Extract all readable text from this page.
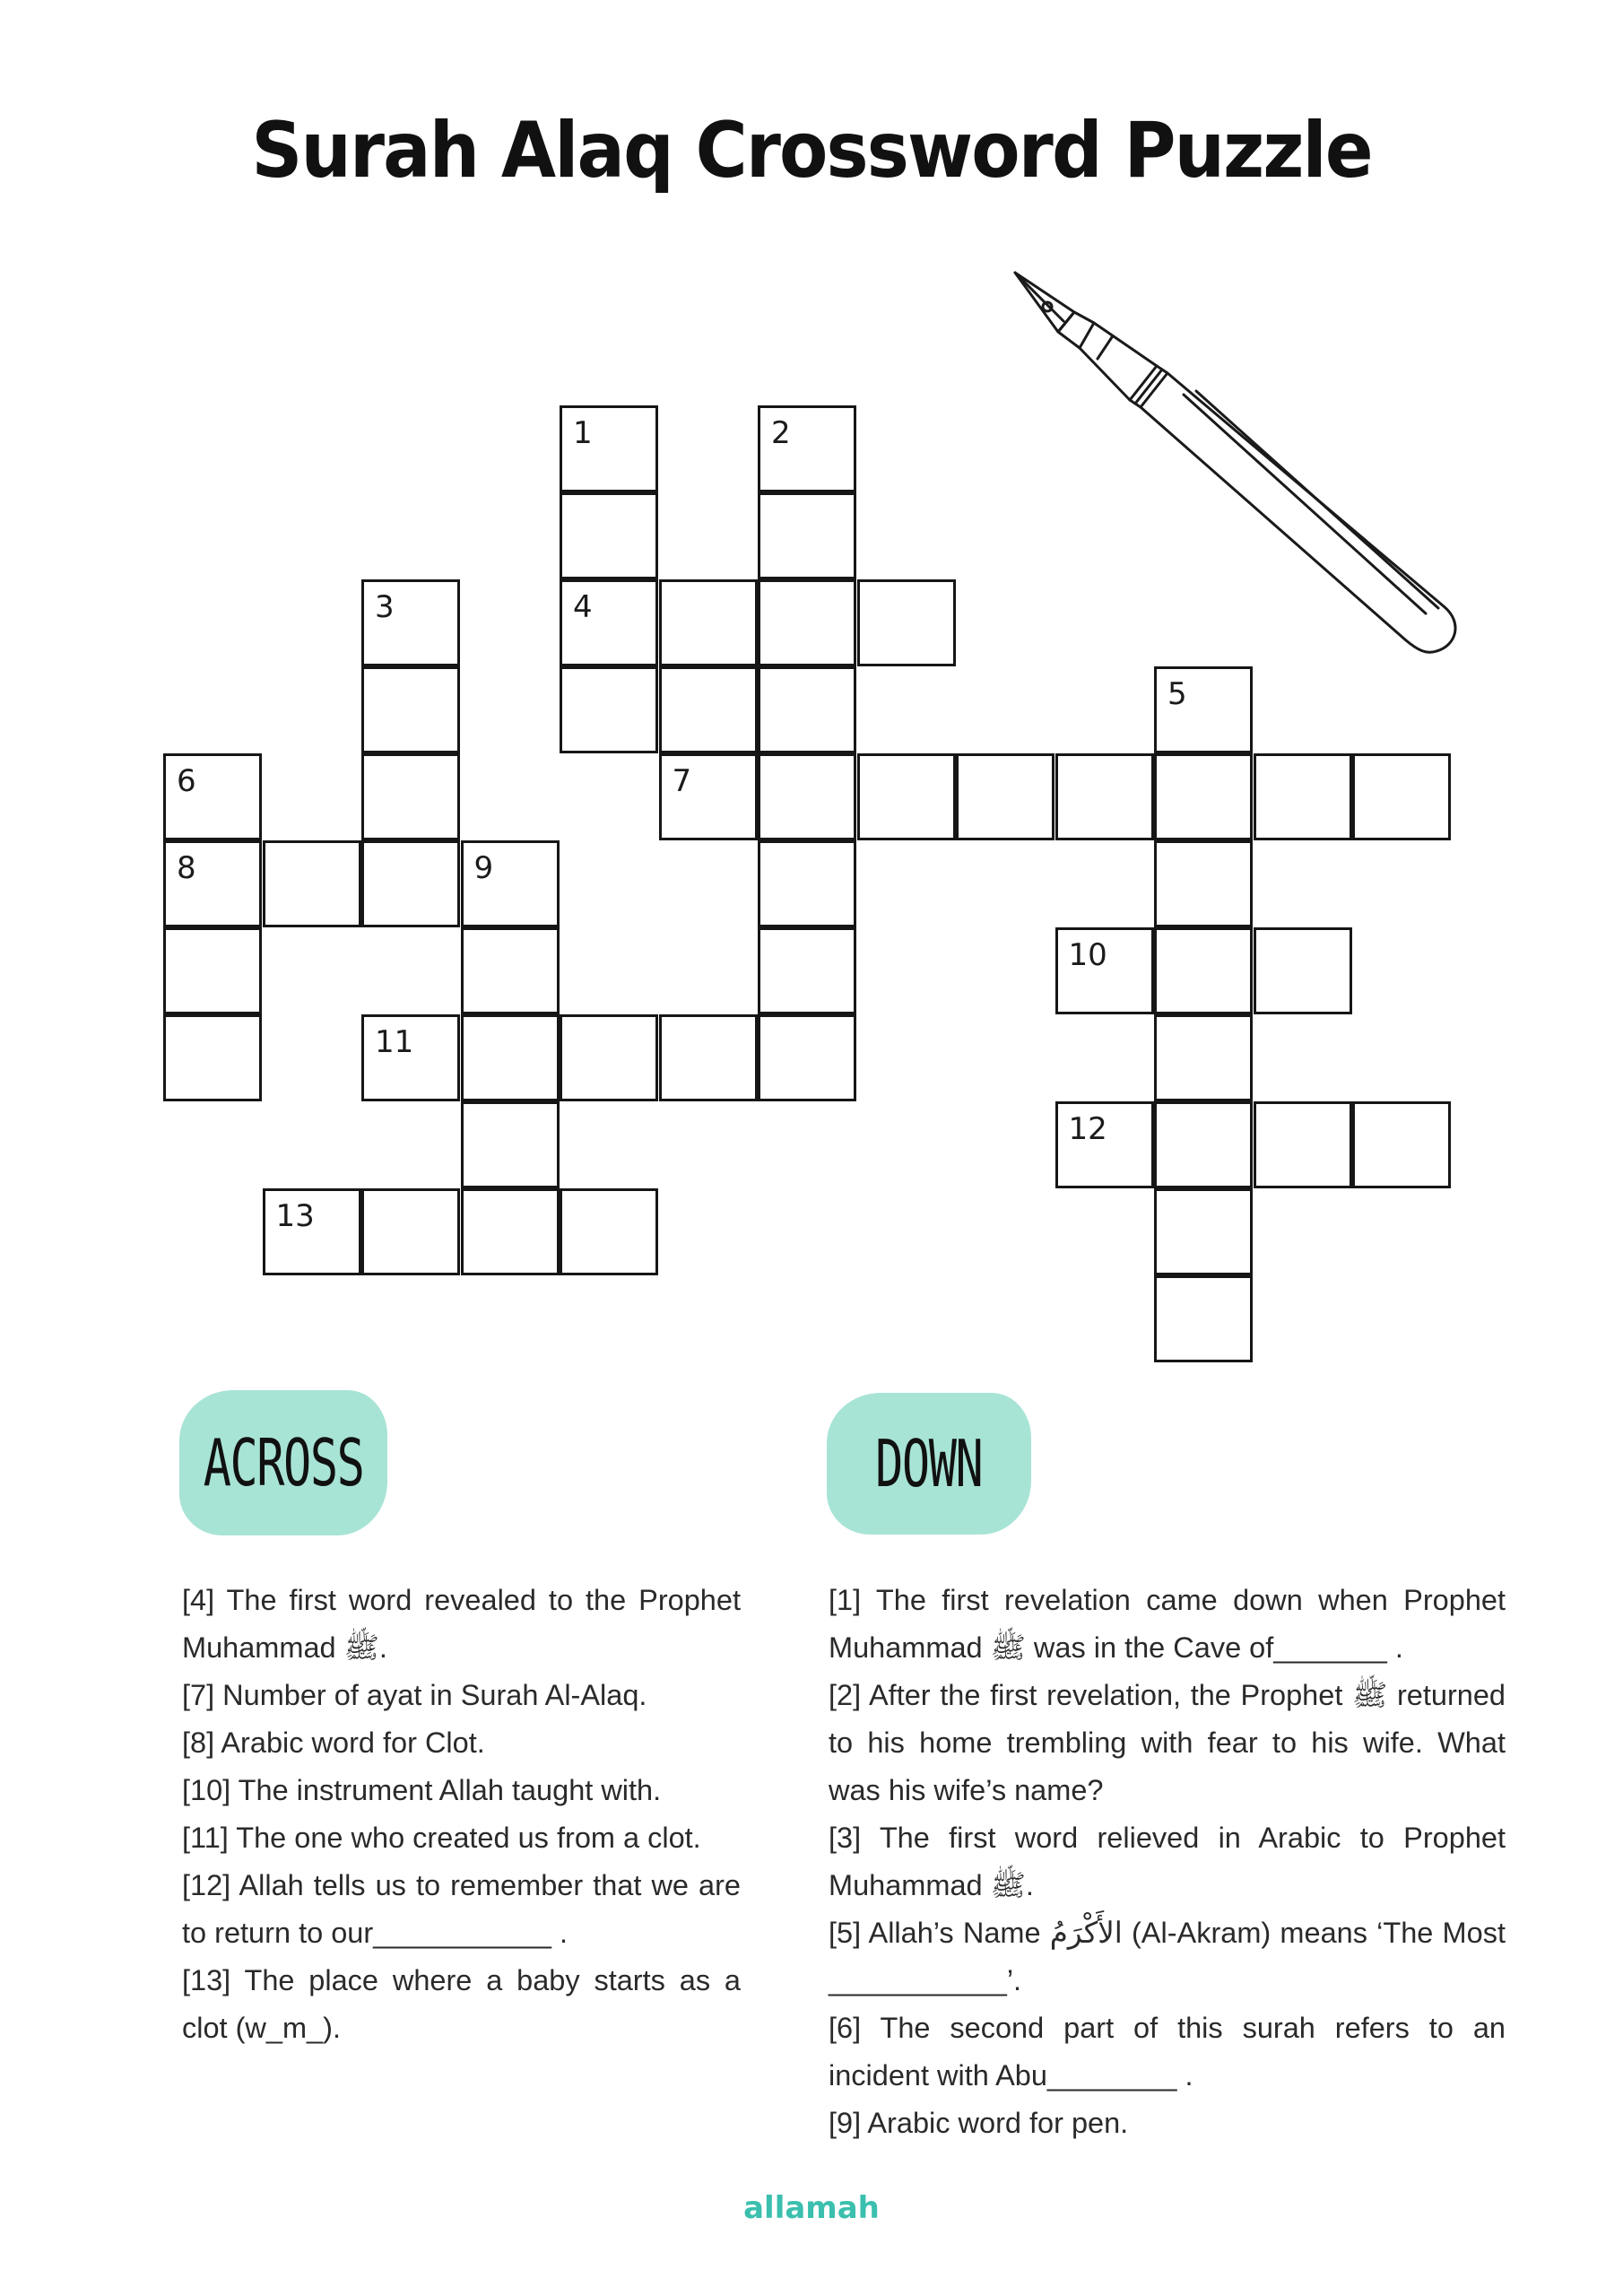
Surah Alaq Crossword Puzzle
1	2
3	4
5
6	7
8	9
10
11
12
13
ACROSS	DOWN
[4] The first word revealed to the Prophet Muhammad ﷺ.
[7] Number of ayat in Surah Al-Alaq.
[8] Arabic word for Clot.
[10] The instrument Allah taught with.
[11] The one who created us from a clot.
[12] Allah tells us to remember that we are to return to our___________ .
[13] The place where a baby starts as a clot (w_m_).
[1] The first revelation came down when Prophet Muhammad ﷺ was in the Cave of_______ .
[2] After the first revelation, the Prophet ﷺ returned to his home trembling with fear to his wife. What was his wife’s name?
[3] The first word relieved in Arabic to Prophet Muhammad ﷺ.
[5] Allah’s Name الأَكْرَمُ (Al-Akram) means ‘The Most ___________’.
[6] The second part of this surah refers to an incident with Abu________ .
[9] Arabic word for pen.
allamah
